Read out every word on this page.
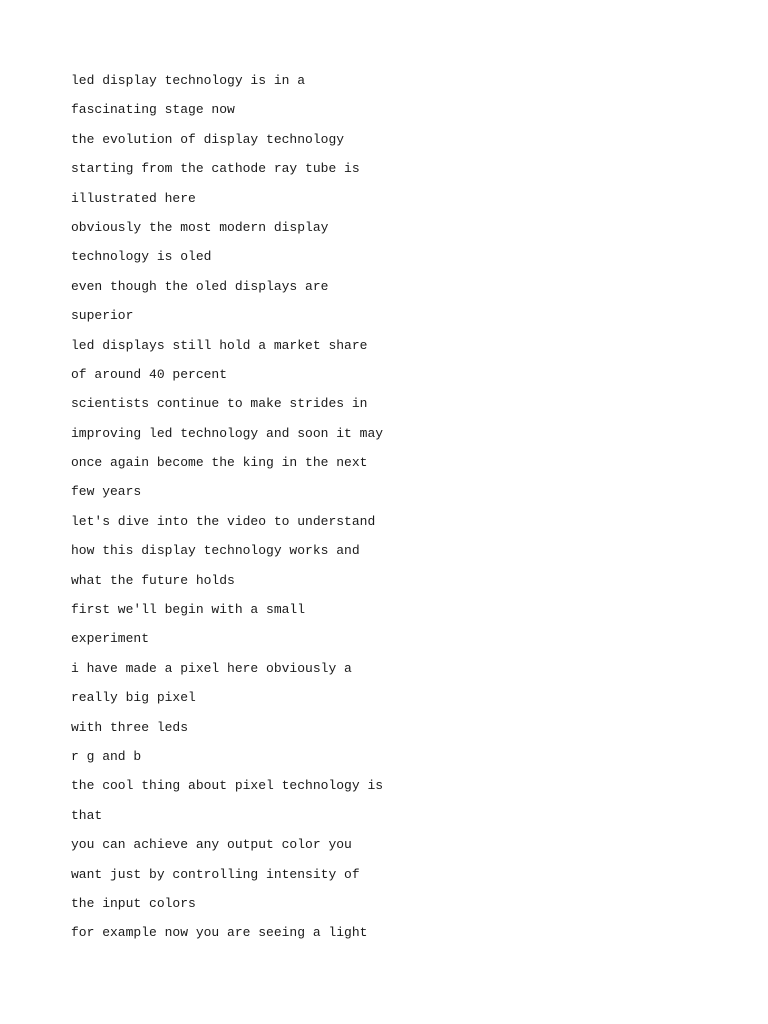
led display technology is in a
fascinating stage now
the evolution of display technology
starting from the cathode ray tube is
illustrated here
obviously the most modern display
technology is oled
even though the oled displays are
superior
led displays still hold a market share
of around 40 percent
scientists continue to make strides in
improving led technology and soon it may
once again become the king in the next
few years
let's dive into the video to understand
how this display technology works and
what the future holds
first we'll begin with a small
experiment
i have made a pixel here obviously a
really big pixel
with three leds
r g and b
the cool thing about pixel technology is
that
you can achieve any output color you
want just by controlling intensity of
the input colors
for example now you are seeing a light
